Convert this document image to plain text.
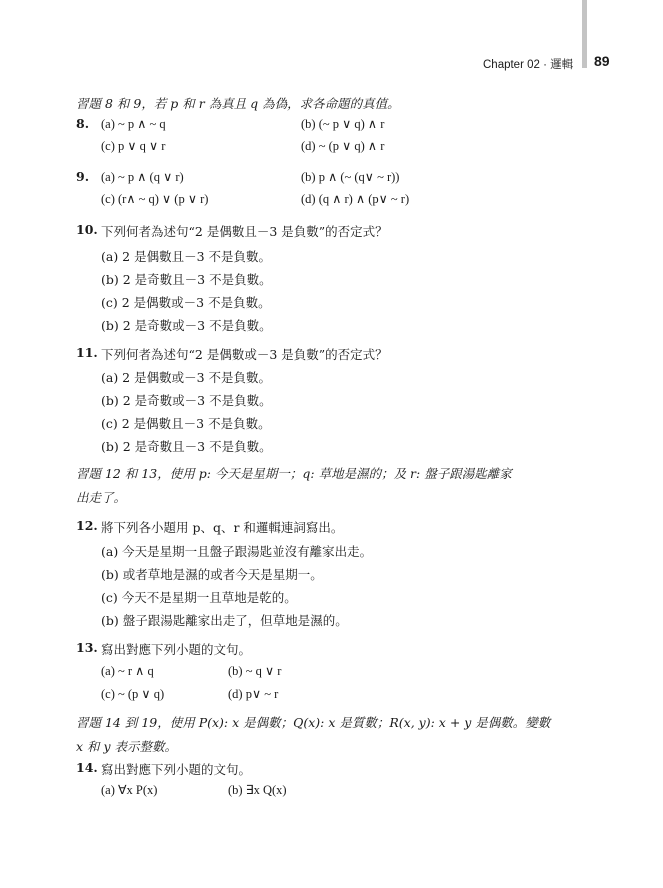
Chapter 02 · 邏輯 89
習題 8 和 9，若 p 和 r 為真且 q 為偽，求各命題的真值。
8. (a) ~ p ∧ ~ q	(b) (~ p ∨ q) ∧ r
(c) p ∨ q ∨ r	(d) ~ (p ∨ q) ∧ r
9. (a) ~ p ∧ (q ∨ r)	(b) p ∧ (~ (q∨ ~ r))
(c) (r∧ ~ q) ∨ (p ∨ r)	(d) (q ∧ r) ∧ (p∨ ~ r)
10. 下列何者為述句“2 是偶數且－3 是負數”的否定式？
(a) 2 是偶數且－3 不是負數。
(b) 2 是奇數且－3 不是負數。
(c) 2 是偶數或－3 不是負數。
(b) 2 是奇數或－3 不是負數。
11. 下列何者為述句“2 是偶數或－3 是負數”的否定式？
(a) 2 是偶數或－3 不是負數。
(b) 2 是奇數或－3 不是負數。
(c) 2 是偶數且－3 不是負數。
(b) 2 是奇數且－3 不是負數。
習題 12 和 13，使用 p: 今天是星期一；q: 草地是濕的；及 r: 盤子跟湯匙離家
出走了。
12. 將下列各小題用 p、q、r 和邏輯連詞寫出。
(a) 今天是星期一且盤子跟湯匙並沒有離家出走。
(b) 或者草地是濕的或者今天是星期一。
(c) 今天不是星期一且草地是乾的。
(b) 盤子跟湯匙離家出走了，但草地是濕的。
13. 寫出對應下列小題的文句。
(a) ~ r ∧ q	(b) ~ q ∨ r
(c) ~ (p ∨ q)	(d) p∨ ~ r
習題 14 到 19，使用 P(x): x 是偶數；Q(x): x 是質數；R(x, y): x + y 是偶數。變數
x 和 y 表示整數。
14. 寫出對應下列小題的文句。
(a) ∀x P(x)	(b) ∃x Q(x)
